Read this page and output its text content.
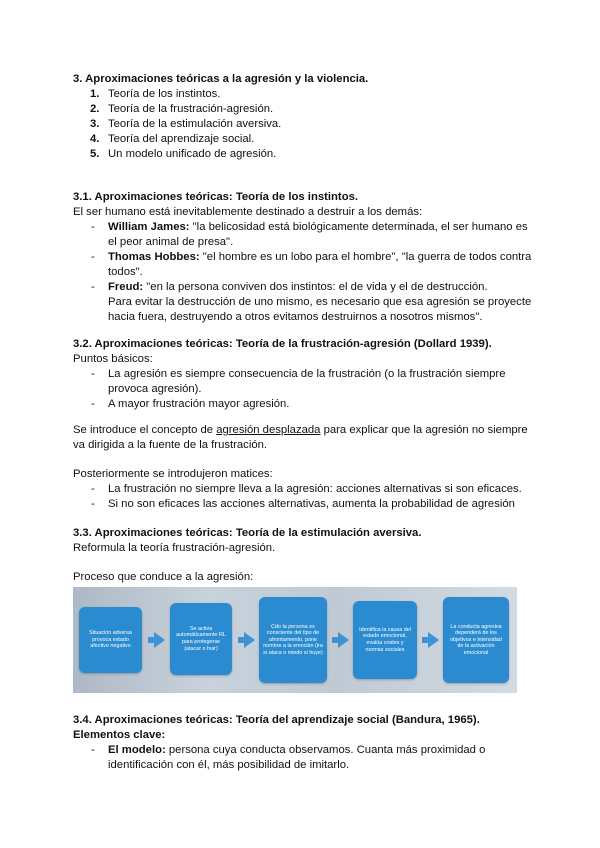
3. Aproximaciones teóricas a la agresión y la violencia.

1. Teoría de los instintos.
2. Teoría de la frustración-agresión.
3. Teoría de la estimulación aversiva.
4. Teoría del aprendizaje social.
5. Un modelo unificado de agresión.

3.1. Aproximaciones teóricas: Teoría de los instintos.

El ser humano está inevitablemente destinado a destruir a los demás:

- William James: "la belicosidad está biológicamente determinada, el ser humano es el peor animal de presa".
- Thomas Hobbes: "el hombre es un lobo para el hombre", "la guerra de todos contra todos".
- Freud: "en la persona conviven dos instintos: el de vida y el de destrucción.
Para evitar la destrucción de uno mismo, es necesario que esa agresión se proyecte hacia fuera, destruyendo a otros evitamos destruirnos a nosotros mismos".

3.2. Aproximaciones teóricas: Teoría de la frustración-agresión (Dollard 1939).

Puntos básicos:

- La agresión es siempre consecuencia de la frustración (o la frustración siempre provoca agresión).
- A mayor frustración mayor agresión.

Se introduce el concepto de agresión desplazada para explicar que la agresión no siempre va dirigida a la fuente de la frustración.

Posteriormente se introdujeron matices:

- La frustración no siempre lleva a la agresión: acciones alternativas si son eficaces.
- Si no son eficaces las acciones alternativas, aumenta la probabilidad de agresión

3.3. Aproximaciones teóricas: Teoría de la estimulación aversiva.

Reformula la teoría frustración-agresión.

Proceso que conduce a la agresión:

Situación adversa provoca estado afectivo negativo
Se activa automáticamente RL para protegerse (atacar o huir)
Cdo la persona es consciente del tipo de afrontamiento, pone nombre a la emoción (ira si ataca o miedo si huye)
Identifica la causa del estado emocional, evalúa costes y normas sociales
La conducta agresiva dependerá de los objetivos e intensidad de la activación emocional

3.4. Aproximaciones teóricas: Teoría del aprendizaje social (Bandura, 1965).

Elementos clave:

- El modelo: persona cuya conducta observamos. Cuanta más proximidad o identificación con él, más posibilidad de imitarlo.
